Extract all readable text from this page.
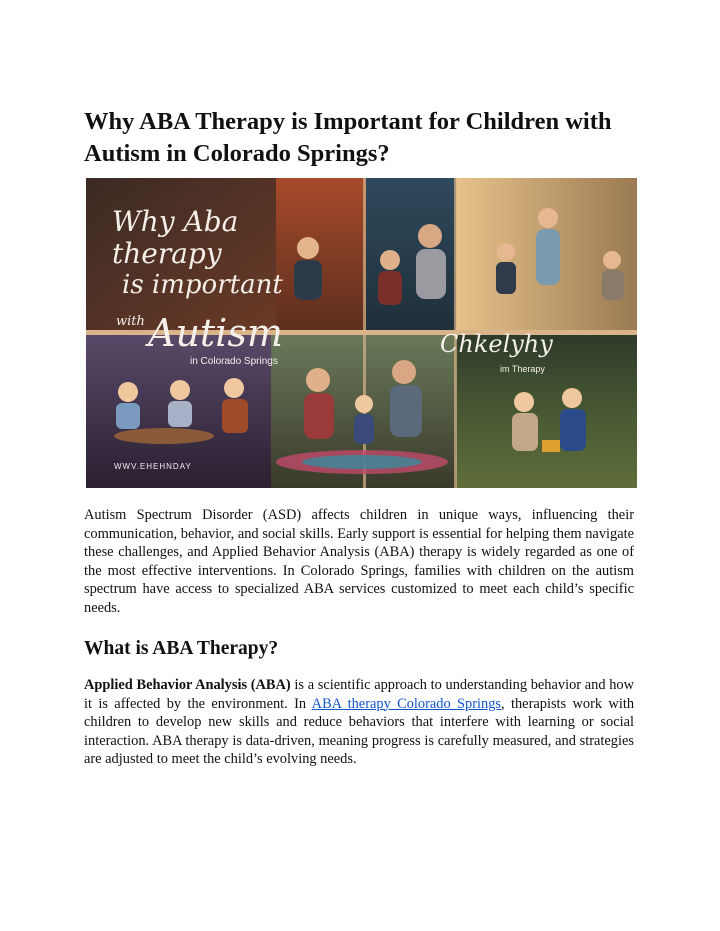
Why ABA Therapy is Important for Children with Autism in Colorado Springs?
Why Aba therapy
is important
with Autism
in Colorado Springs
Chkelyhy
im Therapy
WWV.EHEHNDAY

Autism Spectrum Disorder (ASD) affects children in unique ways, influencing their communication, behavior, and social skills. Early support is essential for helping them navigate these challenges, and Applied Behavior Analysis (ABA) therapy is widely regarded as one of the most effective interventions. In Colorado Springs, families with children on the autism spectrum have access to specialized ABA services customized to meet each child’s specific needs.

What is ABA Therapy?

Applied Behavior Analysis (ABA) is a scientific approach to understanding behavior and how it is affected by the environment. In ABA therapy Colorado Springs, therapists work with children to develop new skills and reduce behaviors that interfere with learning or social interaction. ABA therapy is data-driven, meaning progress is carefully measured, and strategies are adjusted to meet the child’s evolving needs.
